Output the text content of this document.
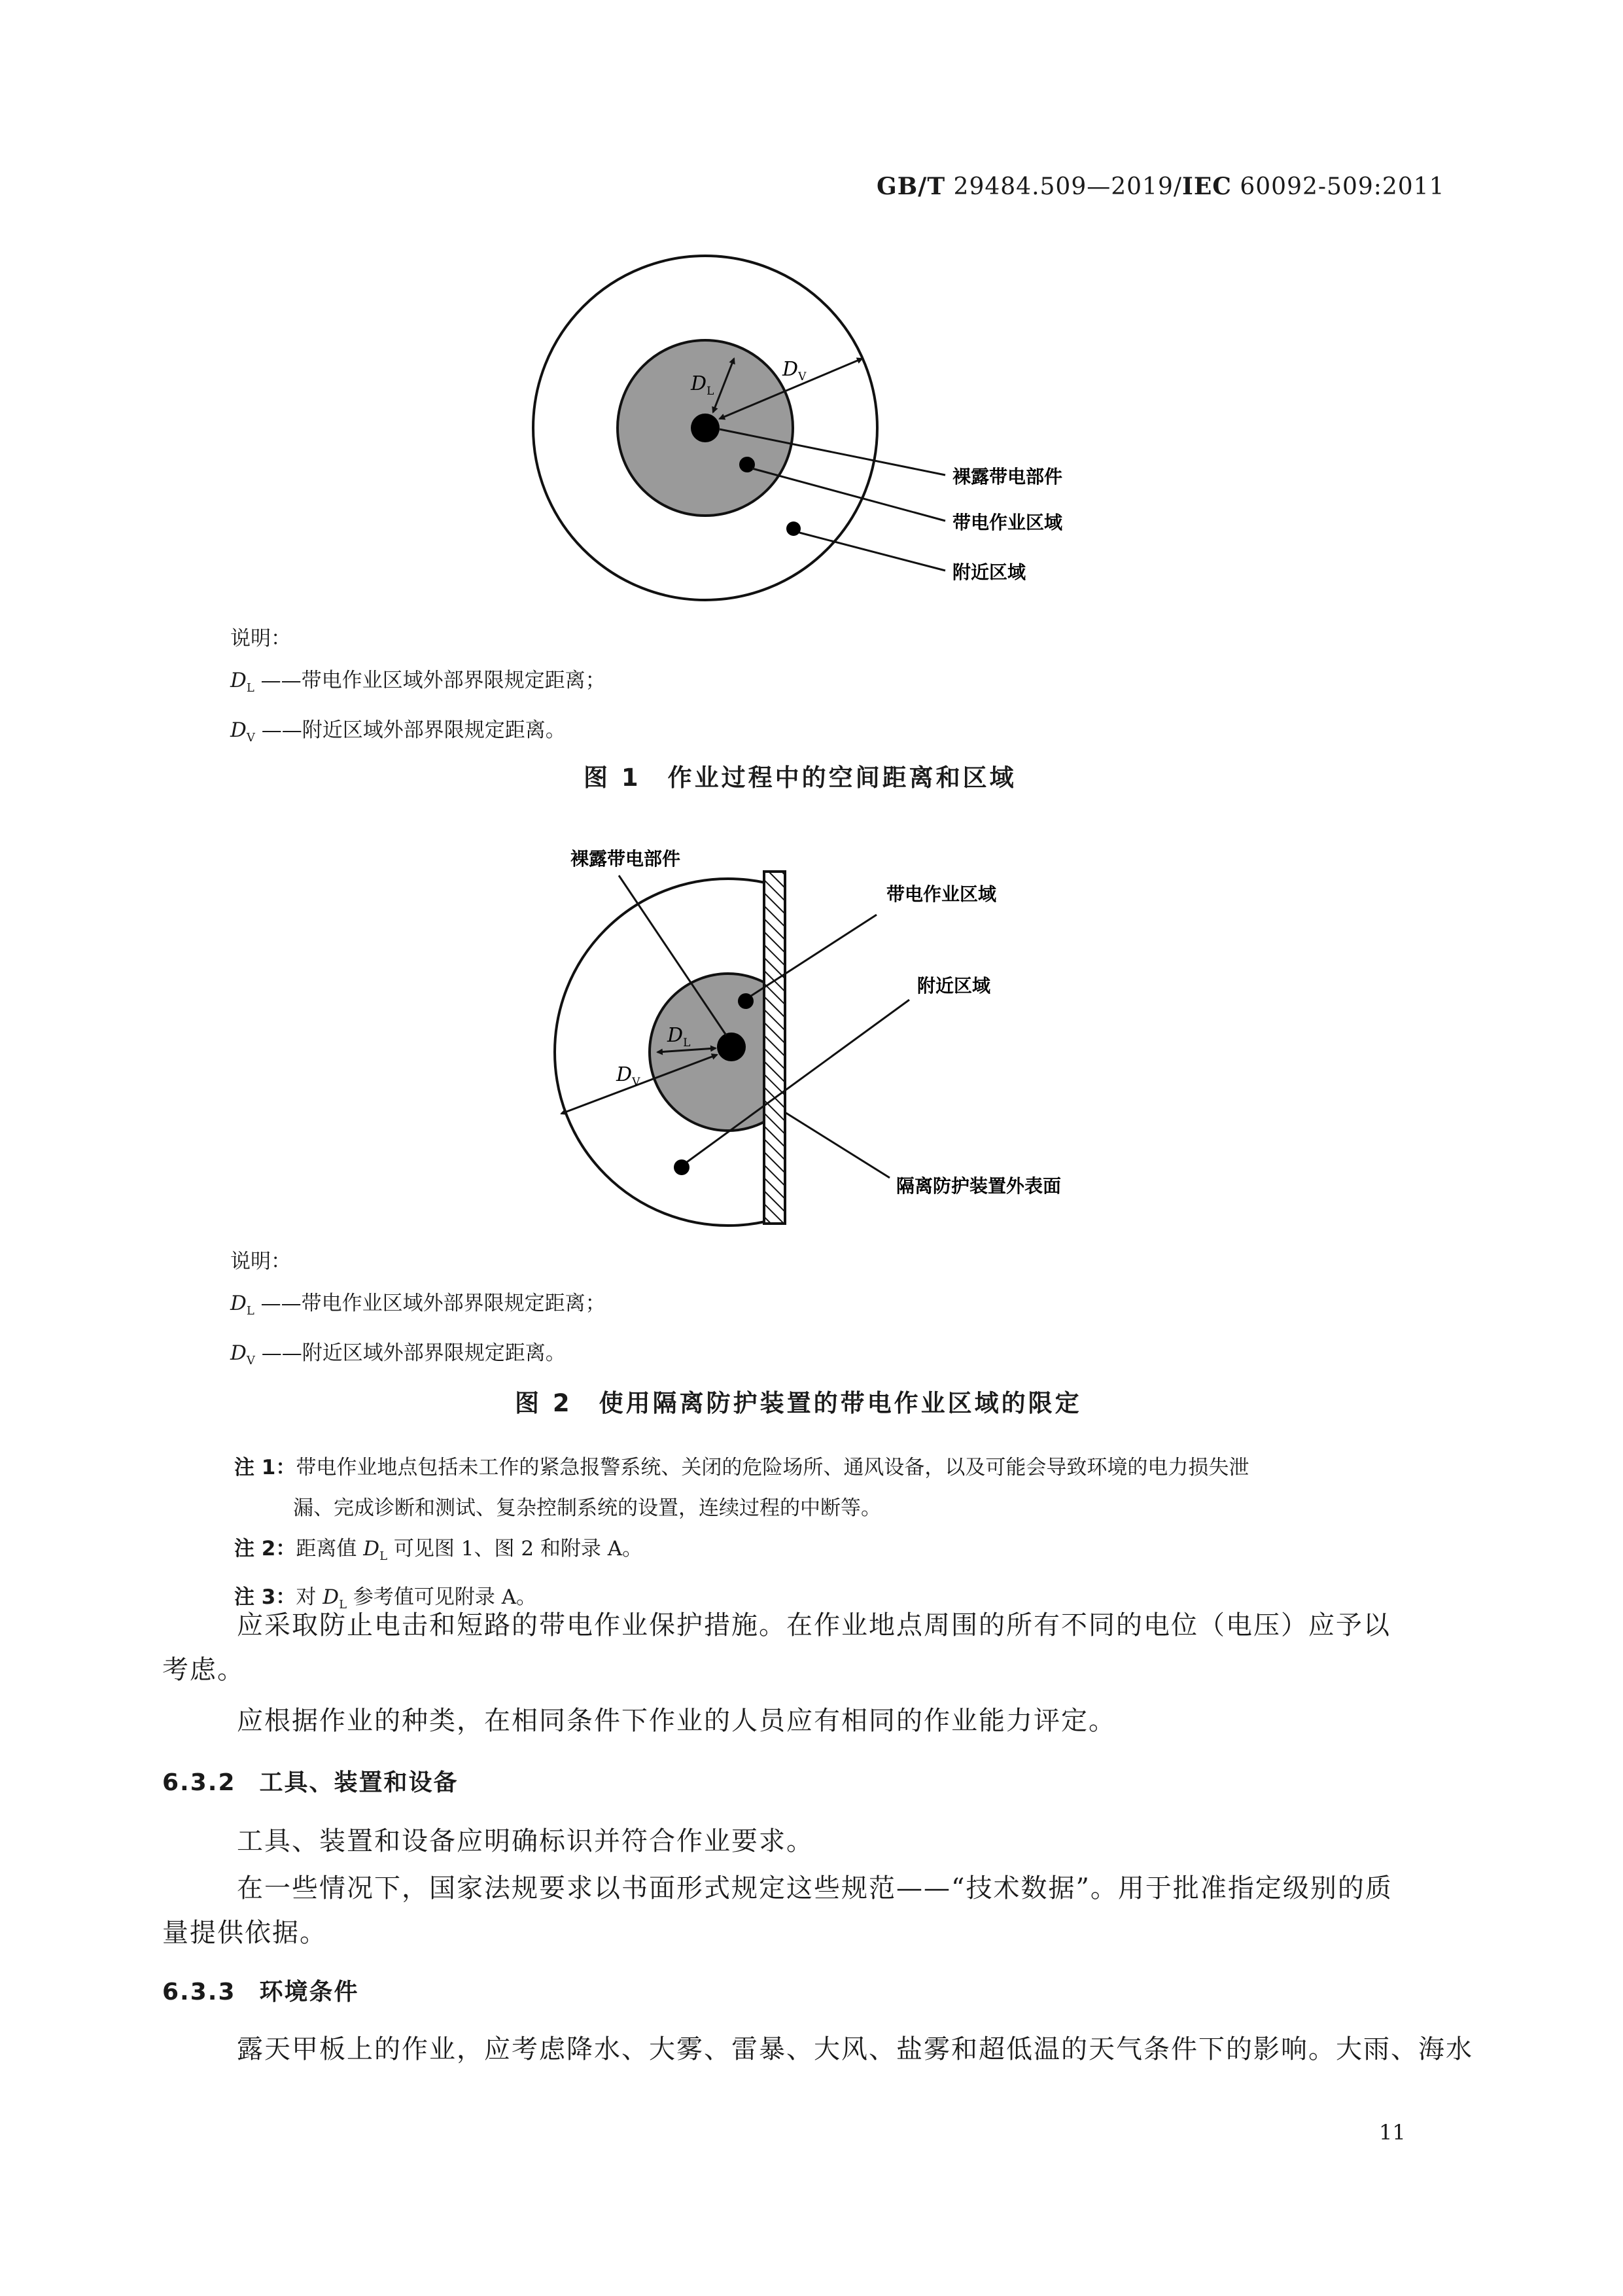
GB/T 29484.509—2019/IEC 60092-509:2011
$D_L$
$D_V$
裸露带电部件
带电作业区域
附近区域
说明：
$D_L$ ——带电作业区域外部界限规定距离；
$D_V$ ——附近区域外部界限规定距离。
图 1　作业过程中的空间距离和区域
$D_L$
$D_V$
裸露带电部件
带电作业区域
附近区域
隔离防护装置外表面
说明：
$D_L$ ——带电作业区域外部界限规定距离；
$D_V$ ——附近区域外部界限规定距离。
图 2　使用隔离防护装置的带电作业区域的限定
注 1：带电作业地点包括未工作的紧急报警系统、关闭的危险场所、通风设备，以及可能会导致环境的电力损失泄
漏、完成诊断和测试、复杂控制系统的设置，连续过程的中断等。
注 2：距离值 $D_L$ 可见图 1、图 2 和附录 A。
注 3：对 $D_L$ 参考值可见附录 A。
应采取防止电击和短路的带电作业保护措施。在作业地点周围的所有不同的电位（电压）应予以
考虑。
应根据作业的种类，在相同条件下作业的人员应有相同的作业能力评定。
6.3.2 工具、装置和设备
工具、装置和设备应明确标识并符合作业要求。
在一些情况下，国家法规要求以书面形式规定这些规范——“技术数据”。用于批准指定级别的质
量提供依据。
6.3.3 环境条件
露天甲板上的作业，应考虑降水、大雾、雷暴、大风、盐雾和超低温的天气条件下的影响。大雨、海水
11
